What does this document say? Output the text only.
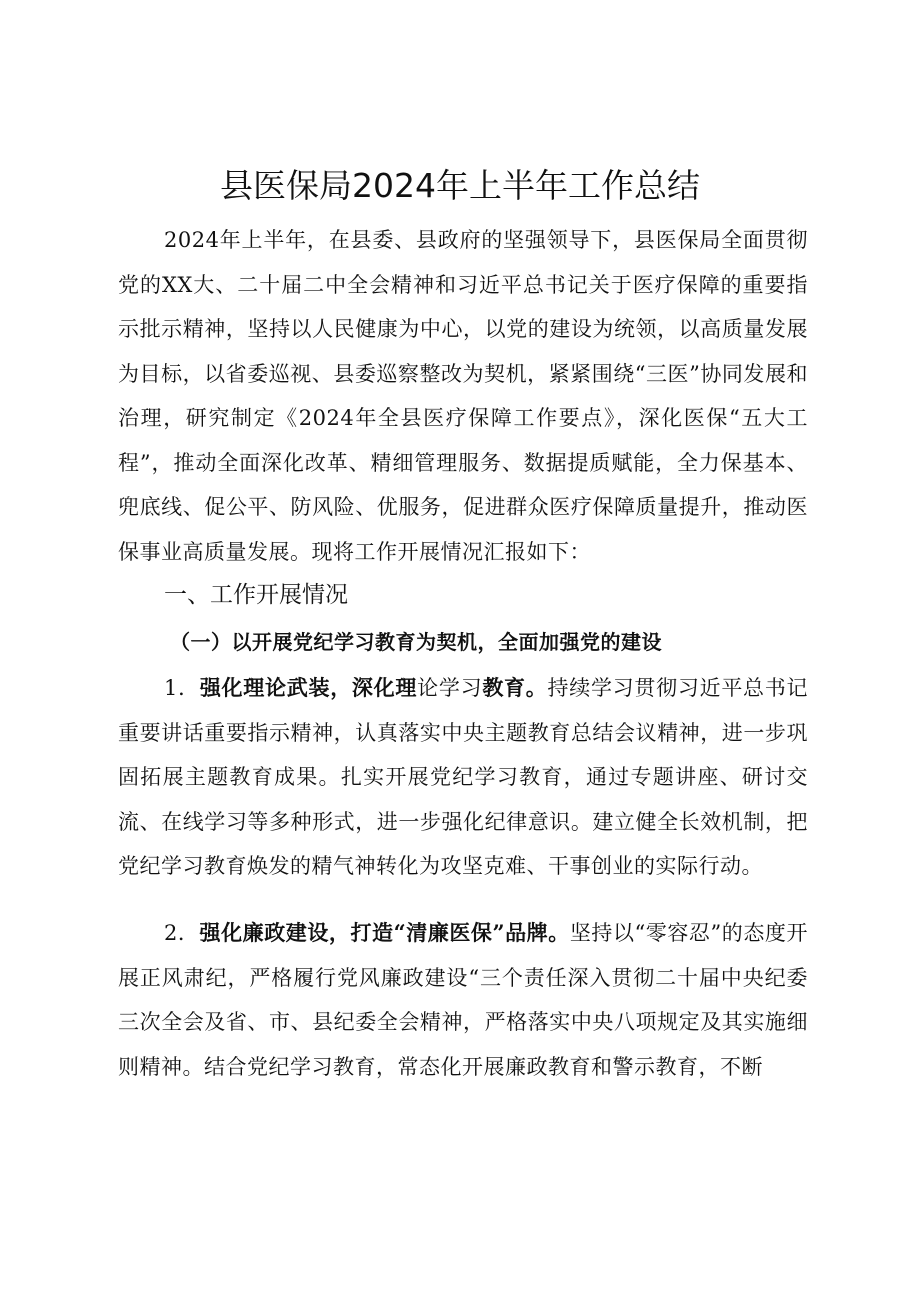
县医保局2024年上半年工作总结
2024年上半年，在县委、县政府的坚强领导下，县医保局全面贯彻党的XX大、二十届二中全会精神和习近平总书记关于医疗保障的重要指示批示精神，坚持以人民健康为中心，以党的建设为统领，以高质量发展为目标，以省委巡视、县委巡察整改为契机，紧紧围绕“三医”协同发展和治理，研究制定《2024年全县医疗保障工作要点》，深化医保“五大工程”，推动全面深化改革、精细管理服务、数据提质赋能，全力保基本、兜底线、促公平、防风险、优服务，促进群众医疗保障质量提升，推动医保事业高质量发展。现将工作开展情况汇报如下：
一、工作开展情况
（一）以开展党纪学习教育为契机，全面加强党的建设
1．强化理论武装，深化理论学习教育。持续学习贯彻习近平总书记重要讲话重要指示精神，认真落实中央主题教育总结会议精神，进一步巩固拓展主题教育成果。扎实开展党纪学习教育，通过专题讲座、研讨交流、在线学习等多种形式，进一步强化纪律意识。建立健全长效机制，把党纪学习教育焕发的精气神转化为攻坚克难、干事创业的实际行动。
2．强化廉政建设，打造“清廉医保”品牌。坚持以“零容忍”的态度开展正风肃纪，严格履行党风廉政建设“三个责任深入贯彻二十届中央纪委三次全会及省、市、县纪委全会精神，严格落实中央八项规定及其实施细则精神。结合党纪学习教育，常态化开展廉政教育和警示教育，不断
